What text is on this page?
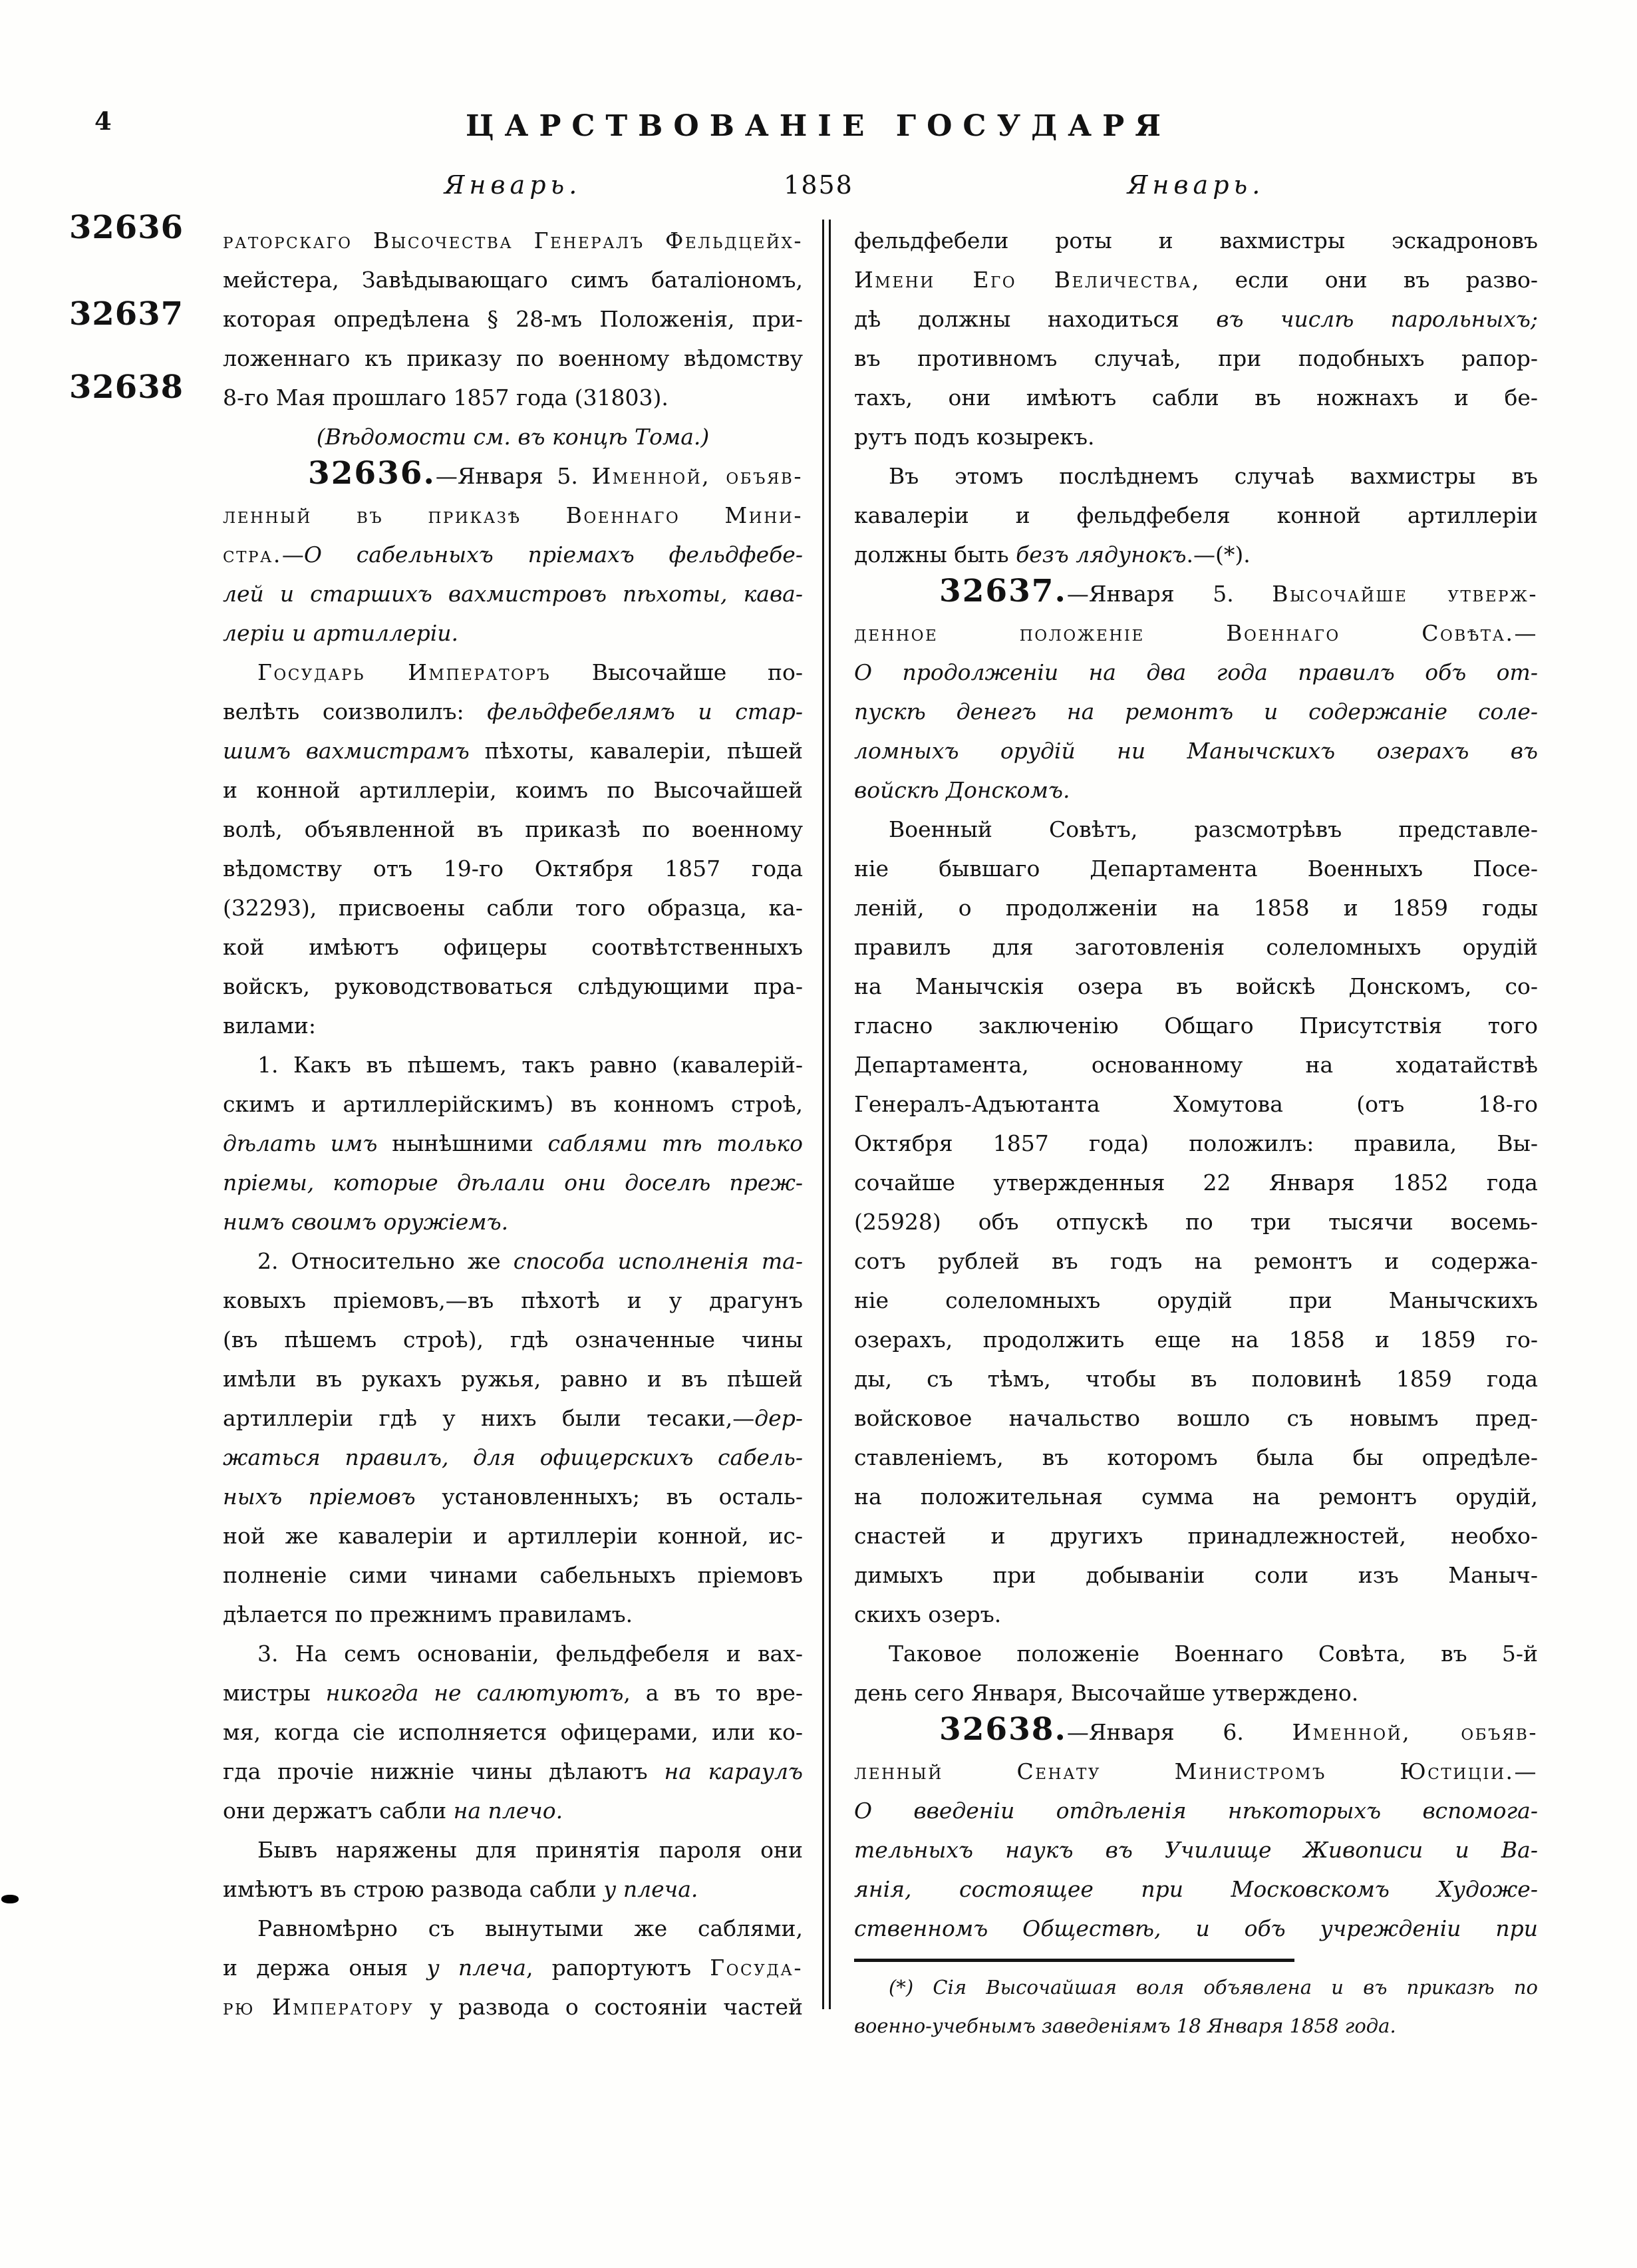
4	ЦАРСТВОВАНІЕ ГОСУДАРЯ
Январь.	1858	Январь.
32636
32637
32638
раторскаго Высочества Генералъ Фельдцейх-
мейстера, Завѣдывающаго симъ баталіономъ,
которая опредѣлена § 28-мъ Положенія, при-
ложеннаго къ приказу по военному вѣдомству
8-го Мая прошлаго 1857 года (31803).
(Вѣдомости см. въ концѣ Тома.)
32636.—Января 5. Именной, объяв-
ленный въ приказѣ Военнаго Мини-
стра.—О сабельныхъ пріемахъ фельдфебе-
лей и старшихъ вахмистровъ пѣхоты, кава-
леріи и артиллеріи.
Государь Императоръ Высочайше по-
велѣть соизволилъ: фельдфебелямъ и стар-
шимъ вахмистрамъ пѣхоты, кавалеріи, пѣшей
и конной артиллеріи, коимъ по Высочайшей
волѣ, объявленной въ приказѣ по военному
вѣдомству отъ 19-го Октября 1857 года
(32293), присвоены сабли того образца, ка-
кой имѣютъ офицеры соотвѣтственныхъ
войскъ, руководствоваться слѣдующими пра-
вилами:
1. Какъ въ пѣшемъ, такъ равно (кавалерій-
скимъ и артиллерійскимъ) въ конномъ строѣ,
дѣлать имъ нынѣшними саблями тѣ только
пріемы, которые дѣлали они доселѣ преж-
нимъ своимъ оружіемъ.
2. Относительно же способа исполненія та-
ковыхъ пріемовъ,—въ пѣхотѣ и у драгунъ
(въ пѣшемъ строѣ), гдѣ означенные чины
имѣли въ рукахъ ружья, равно и въ пѣшей
артиллеріи гдѣ у нихъ были тесаки,—дер-
жаться правилъ, для офицерскихъ сабель-
ныхъ пріемовъ установленныхъ; въ осталь-
ной же кавалеріи и артиллеріи конной, ис-
полненіе сими чинами сабельныхъ пріемовъ
дѣлается по прежнимъ правиламъ.
3. На семъ основаніи, фельдфебеля и вах-
мистры никогда не салютуютъ, а въ то вре-
мя, когда сіе исполняется офицерами, или ко-
гда прочіе нижніе чины дѣлаютъ на караулъ
они держатъ сабли на плечо.
Бывъ наряжены для принятія пароля они
имѣютъ въ строю развода сабли у плеча.
Равномѣрно съ вынутыми же саблями,
и держа оныя у плеча, рапортуютъ Госуда-
рю Императору у развода о состояніи частей
фельдфебели роты и вахмистры эскадроновъ
Имени Его Величества, если они въ разво-
дѣ должны находиться въ числѣ парольныхъ;
въ противномъ случаѣ, при подобныхъ рапор-
тахъ, они имѣютъ сабли въ ножнахъ и бе-
рутъ подъ козырекъ.
Въ этомъ послѣднемъ случаѣ вахмистры въ
кавалеріи и фельдфебеля конной артиллеріи
должны быть безъ лядунокъ.—(*).
32637.—Января 5. Высочайше утверж-
денное положеніе Военнаго Совѣта.—
О продолженіи на два года правилъ объ от-
пускѣ денегъ на ремонтъ и содержаніе соле-
ломныхъ орудій ни Манычскихъ озерахъ въ
войскѣ Донскомъ.
Военный Совѣтъ, разсмотрѣвъ представле-
ніе бывшаго Департамента Военныхъ Посе-
леній, о продолженіи на 1858 и 1859 годы
правилъ для заготовленія солеломныхъ орудій
на Манычскія озера въ войскѣ Донскомъ, со-
гласно заключенію Общаго Присутствія того
Департамента, основанному на ходатайствѣ
Генералъ-Адъютанта Хомутова (отъ 18-го
Октября 1857 года) положилъ: правила, Вы-
сочайше утвержденныя 22 Января 1852 года
(25928) объ отпускѣ по три тысячи восемь-
сотъ рублей въ годъ на ремонтъ и содержа-
ніе солеломныхъ орудій при Манычскихъ
озерахъ, продолжить еще на 1858 и 1859 го-
ды, съ тѣмъ, чтобы въ половинѣ 1859 года
войсковое начальство вошло съ новымъ пред-
ставленіемъ, въ которомъ была бы опредѣле-
на положительная сумма на ремонтъ орудій,
снастей и другихъ принадлежностей, необхо-
димыхъ при добываніи соли изъ Маныч-
скихъ озеръ.
Таковое положеніе Военнаго Совѣта, въ 5-й
день сего Января, Высочайше утверждено.
32638.—Января 6. Именной, объяв-
ленный Сенату Министромъ Юстиціи.—
О введеніи отдѣленія нѣкоторыхъ вспомога-
тельныхъ наукъ въ Училище Живописи и Ва-
янія, состоящее при Московскомъ Художе-
ственномъ Обществѣ, и объ учрежденіи при
(*) Сія Высочайшая воля объявлена и въ приказѣ по
военно-учебнымъ заведеніямъ 18 Января 1858 года.
